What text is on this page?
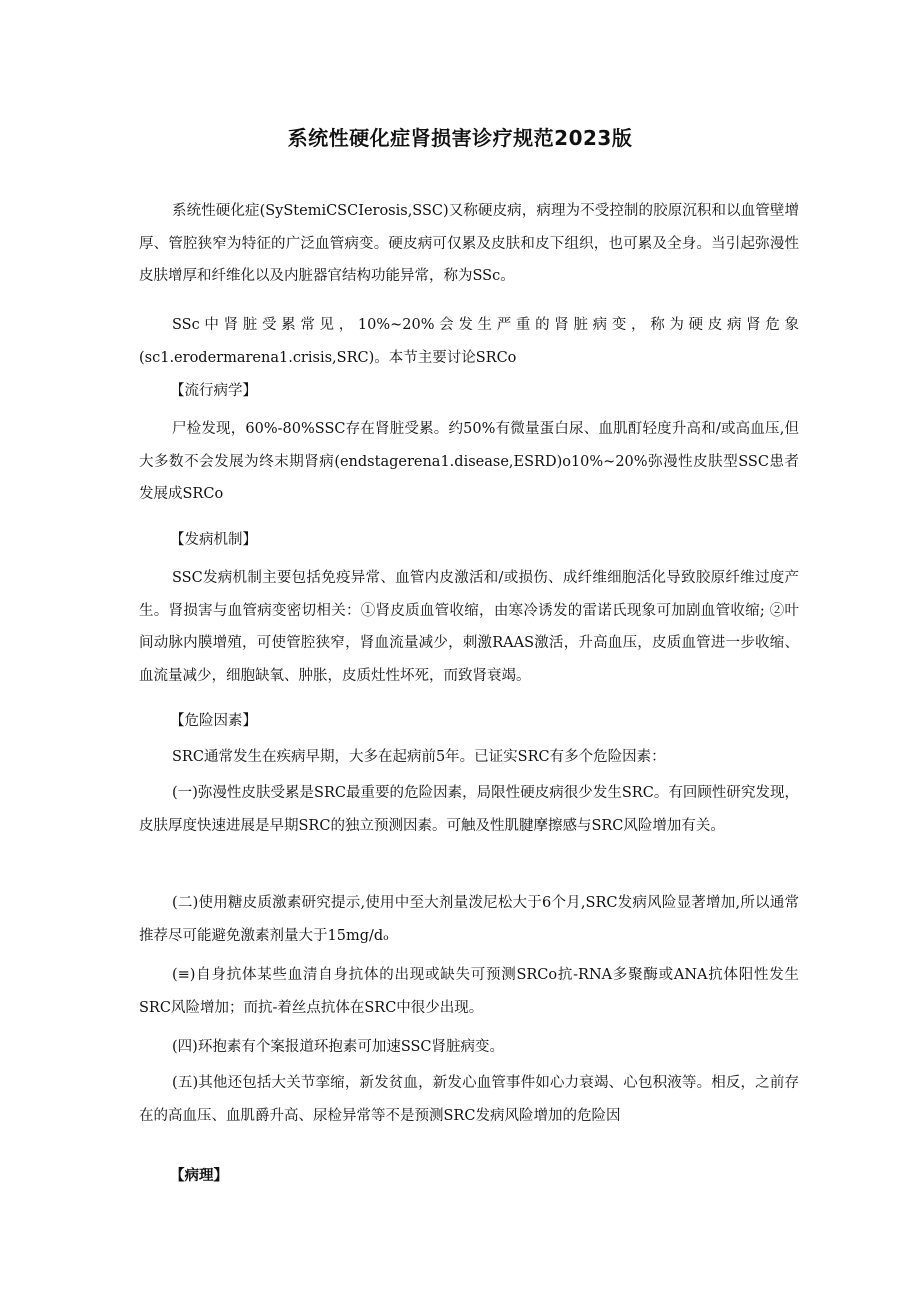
系统性硬化症肾损害诊疗规范2023版

系统性硬化症(SyStemiCSCIerosis,SSC)又称硬皮病，病理为不受控制的胶原沉积和以血管壁增厚、管腔狭窄为特征的广泛血管病变。硬皮病可仅累及皮肤和皮下组织，也可累及全身。当引起弥漫性皮肤增厚和纤维化以及内脏器官结构功能异常，称为SSc。

SSc中肾脏受累常见，10%~20%会发生严重的肾脏病变，称为硬皮病肾危象(sc1.erodermarena1.crisis,SRC)。本节主要讨论SRCo

【流行病学】

尸检发现，60%-80%SSC存在肾脏受累。约50%有微量蛋白尿、血肌酊轻度升高和/或高血压,但大多数不会发展为终末期肾病(endstagerena1.disease,ESRD)o10%~20%弥漫性皮肤型SSC患者发展成SRCo

【发病机制】

SSC发病机制主要包括免疫异常、血管内皮激活和/或损伤、成纤维细胞活化导致胶原纤维过度产生。肾损害与血管病变密切相关：①肾皮质血管收缩，由寒冷诱发的雷诺氏现象可加剧血管收缩; ②叶间动脉内膜增殖，可使管腔狭窄，肾血流量减少，刺激RAAS激活，升高血压，皮质血管进一步收缩、血流量减少，细胞缺氧、肿胀，皮质灶性坏死，而致肾衰竭。

【危险因素】

SRC通常发生在疾病早期，大多在起病前5年。已证实SRC有多个危险因素：

(一)弥漫性皮肤受累是SRC最重要的危险因素，局限性硬皮病很少发生SRC。有回顾性研究发现，皮肤厚度快速进展是早期SRC的独立预测因素。可触及性肌腱摩擦感与SRC风险增加有关。

(二)使用糖皮质激素研究提示,使用中至大剂量泼尼松大于6个月,SRC发病风险显著增加,所以通常推荐尽可能避免激素剂量大于15mg/dₒ

(≡)自身抗体某些血清自身抗体的出现或缺失可预测SRCo抗-RNA多聚酶或ANA抗体阳性发生SRC风险增加；而抗-着丝点抗体在SRC中很少出现。

(四)环抱素有个案报道环抱素可加速SSC肾脏病变。

(五)其他还包括大关节挛缩，新发贫血，新发心血管事件如心力衰竭、心包积液等。相反，之前存在的高血压、血肌爵升高、尿检异常等不是预测SRC发病风险增加的危险因

【病理】
